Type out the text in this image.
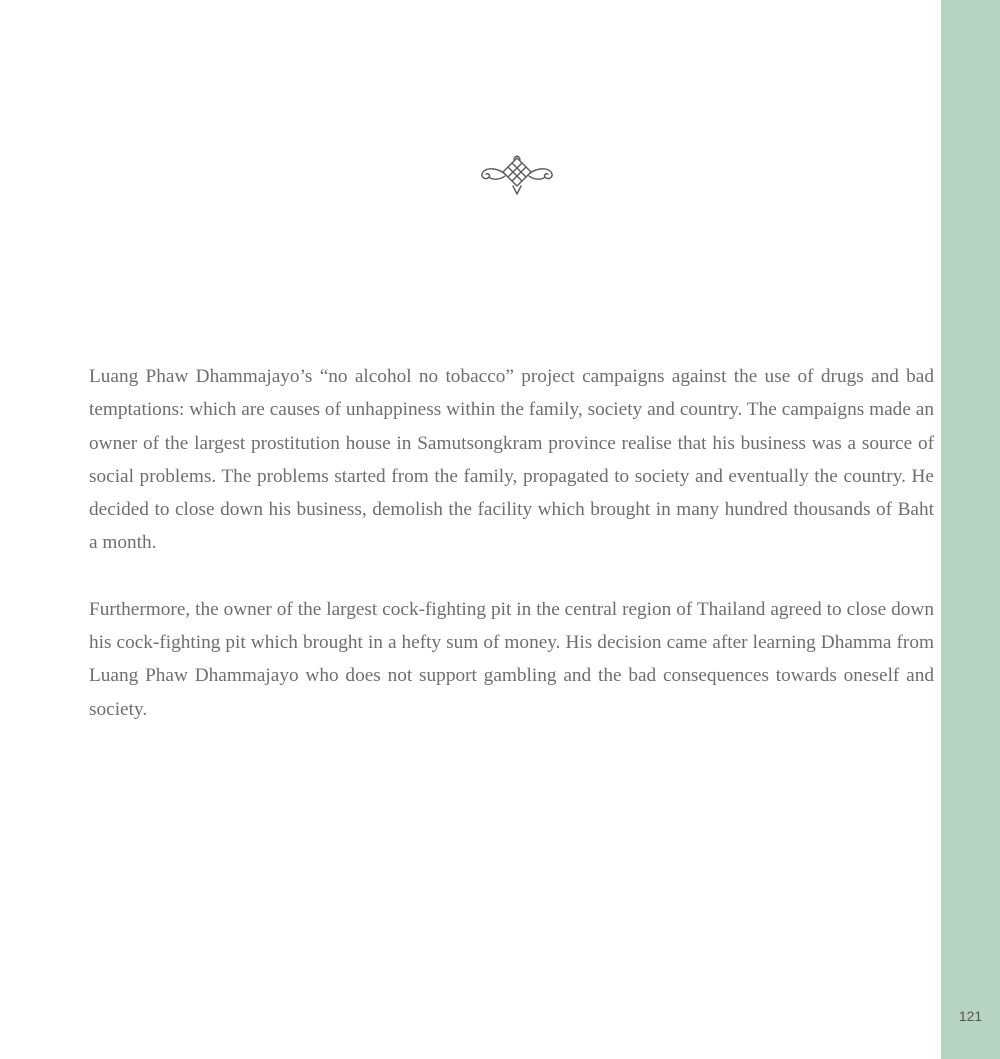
Luang Phaw Dhammajayo’s “no alcohol no tobacco” project campaigns against the use of drugs and bad temptations: which are causes of unhappiness within the family, society and country. The campaigns made an owner of the largest prostitution house in Samutsongkram province realise that his business was a source of social problems. The problems started from the family, propagated to society and eventually the country. He decided to close down his business, demolish the facility which brought in many hundred thousands of Baht a month.

Furthermore, the owner of the largest cock-fighting pit in the central region of Thailand agreed to close down his cock-fighting pit which brought in a hefty sum of money. His decision came after learning Dhamma from Luang Phaw Dhammajayo who does not support gambling and the bad consequences towards oneself and society.

121
